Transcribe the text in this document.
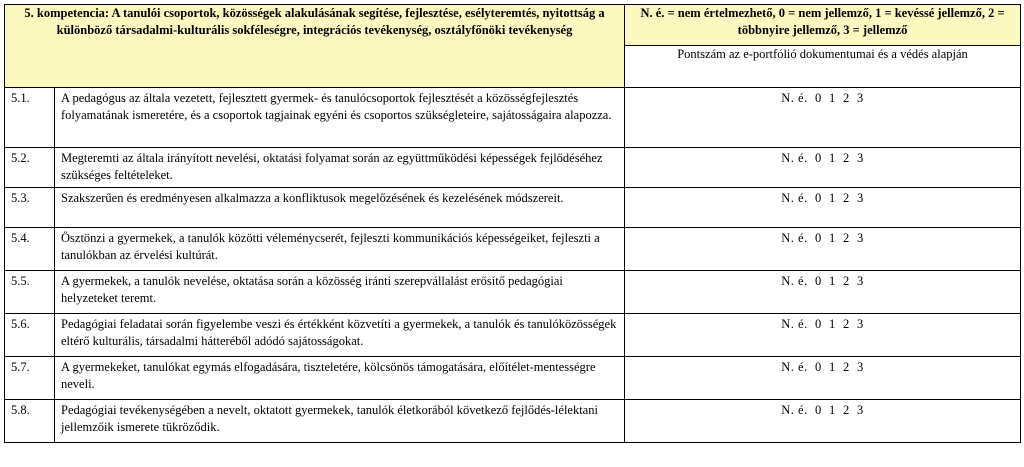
5. kompetencia: A tanulói csoportok, közösségek alakulásának segítése, fejlesztése, esélyteremtés, nyitottság a különböző társadalmi-kulturális sokféleségre, integrációs tevékenység, osztályfőnöki tevékenység		N. é. = nem értelmezhető, 0 = nem jellemző, 1 = kevéssé jellemző, 2 = többnyire jellemző, 3 = jellemző
		Pontszám az e-portfólió dokumentumai és a védés alapján
5.1.	A pedagógus az általa vezetett, fejlesztett gyermek- és tanulócsoportok fejlesztését a közösségfejlesztés folyamatának ismeretére, és a csoportok tagjainak egyéni és csoportos szükségleteire, sajátosságaira alapozza.	N. é.  0  1  2  3
5.2.	Megteremti az általa irányított nevelési, oktatási folyamat során az együttműködési képességek fejlődéséhez szükséges feltételeket.	N. é.  0  1  2  3
5.3.	Szakszerűen és eredményesen alkalmazza a konfliktusok megelőzésének és kezelésének módszereit.	N. é.  0  1  2  3
5.4.	Ösztönzi a gyermekek, a tanulók közötti véleménycserét, fejleszti kommunikációs képességeiket, fejleszti a tanulókban az érvelési kultúrát.	N. é.  0  1  2  3
5.5.	A gyermekek, a tanulók nevelése, oktatása során a közösség iránti szerepvállalást erősítő pedagógiai helyzeteket teremt.	N. é.  0  1  2  3
5.6.	Pedagógiai feladatai során figyelembe veszi és értékként közvetíti a gyermekek, a tanulók és tanulóközösségek eltérő kulturális, társadalmi hátteréből adódó sajátosságokat.	N. é.  0  1  2  3
5.7.	A gyermekeket, tanulókat egymás elfogadására, tiszteletére, kölcsönös támogatására, előítélet-mentességre neveli.	N. é.  0  1  2  3
5.8.	Pedagógiai tevékenységében a nevelt, oktatott gyermekek, tanulók életkorából következő fejlődés-lélektani jellemzőik ismerete tükröződik.	N. é.  0  1  2  3
